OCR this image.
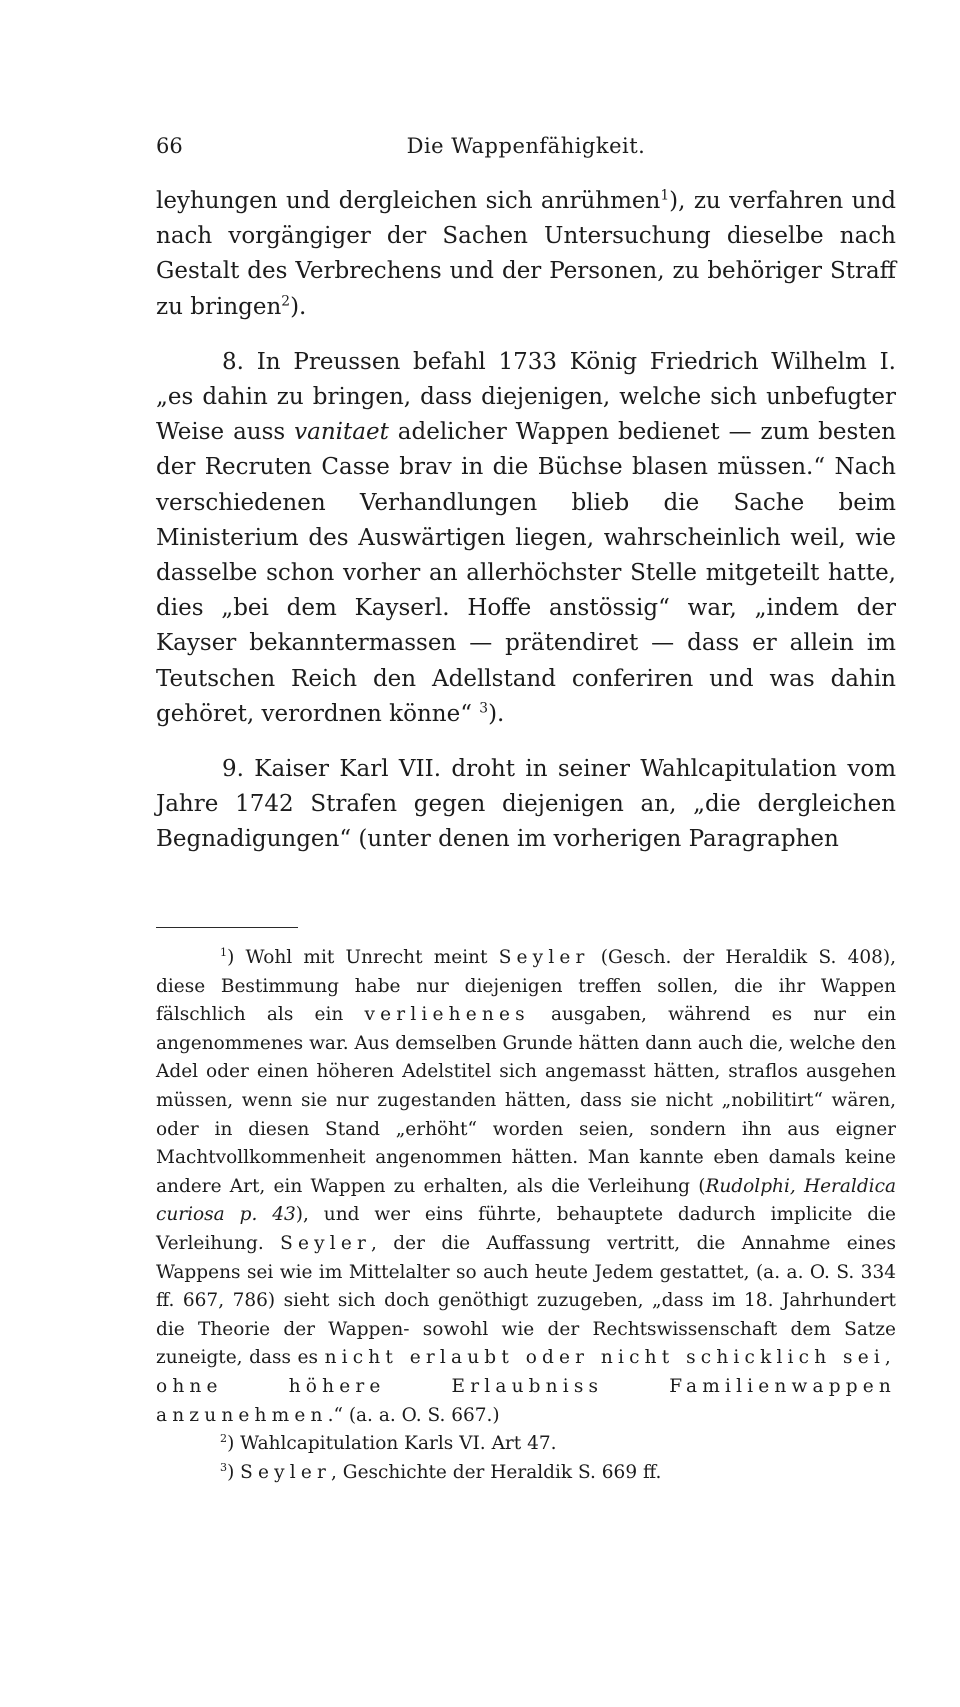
66	Die Wappenfähigkeit.

leyhungen und dergleichen sich anrühmen$^1$), zu verfahren und nach vorgängiger der Sachen Untersuchung dieselbe nach Gestalt des Verbrechens und der Personen, zu behöriger Straff zu bringen$^2$).

8. In Preussen befahl 1733 König Friedrich Wilhelm I. „es dahin zu bringen, dass diejenigen, welche sich unbefugter Weise auss vanitaet adelicher Wappen bedienet — zum besten der Recruten Casse brav in die Büchse blasen müssen.“ Nach verschiedenen Verhandlungen blieb die Sache beim Ministerium des Auswärtigen liegen, wahrscheinlich weil, wie dasselbe schon vorher an allerhöchster Stelle mitgeteilt hatte, dies „bei dem Kayserl. Hoffe anstössig“ war, „indem der Kayser bekanntermassen — prätendiret — dass er allein im Teutschen Reich den Adellstand conferiren und was dahin gehöret, verordnen könne“ $^3$).

9. Kaiser Karl VII. droht in seiner Wahlcapitulation vom Jahre 1742 Strafen gegen diejenigen an, „die dergleichen Begnadigungen“ (unter denen im vorherigen Paragraphen

$^1$) Wohl mit Unrecht meint Seyler (Gesch. der Heraldik S. 408), diese Bestimmung habe nur diejenigen treffen sollen, die ihr Wappen fälschlich als ein verliehenes ausgaben, während es nur ein angenommenes war. Aus demselben Grunde hätten dann auch die, welche den Adel oder einen höheren Adelstitel sich angemasst hätten, straflos ausgehen müssen, wenn sie nur zugestanden hätten, dass sie nicht „nobilitirt“ wären, oder in diesen Stand „erhöht“ worden seien, sondern ihn aus eigner Machtvollkommenheit angenommen hätten. Man kannte eben damals keine andere Art, ein Wappen zu erhalten, als die Verleihung (Rudolphi, Heraldica curiosa p. 43), und wer eins führte, behauptete dadurch implicite die Verleihung. Seyler, der die Auffassung vertritt, die Annahme eines Wappens sei wie im Mittelalter so auch heute Jedem gestattet, (a. a. O. S. 334 ff. 667, 786) sieht sich doch genöthigt zuzugeben, „dass im 18. Jahrhundert die Theorie der Wappen- sowohl wie der Rechtswissenschaft dem Satze zuneigte, dass es nicht erlaubt oder nicht schicklich sei, ohne höhere Erlaubniss Familienwappen anzunehmen.“ (a. a. O. S. 667.)

$^2$) Wahlcapitulation Karls VI. Art 47.

$^3$) Seyler, Geschichte der Heraldik S. 669 ff.
